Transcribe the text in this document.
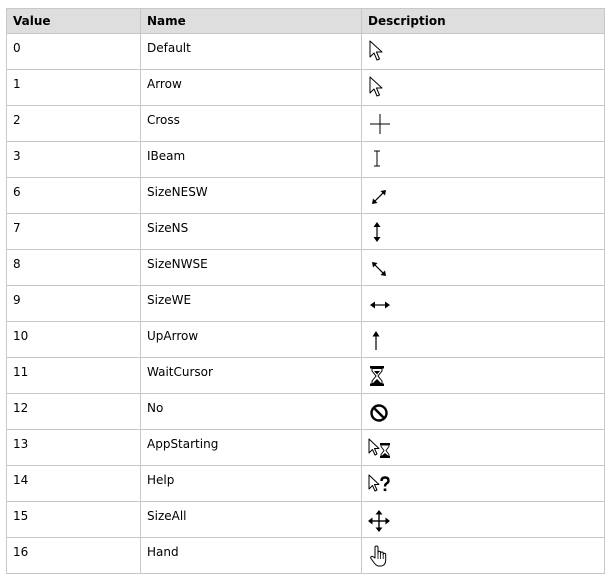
Value	Name	Description

0	Default

1	Arrow

2	Cross

3	IBeam

6	SizeNESW

7	SizeNS

8	SizeNWSE

9	SizeWE

10	UpArrow

11	WaitCursor

12	No

13	AppStarting

14	Help

15	SizeAll

16	Hand
